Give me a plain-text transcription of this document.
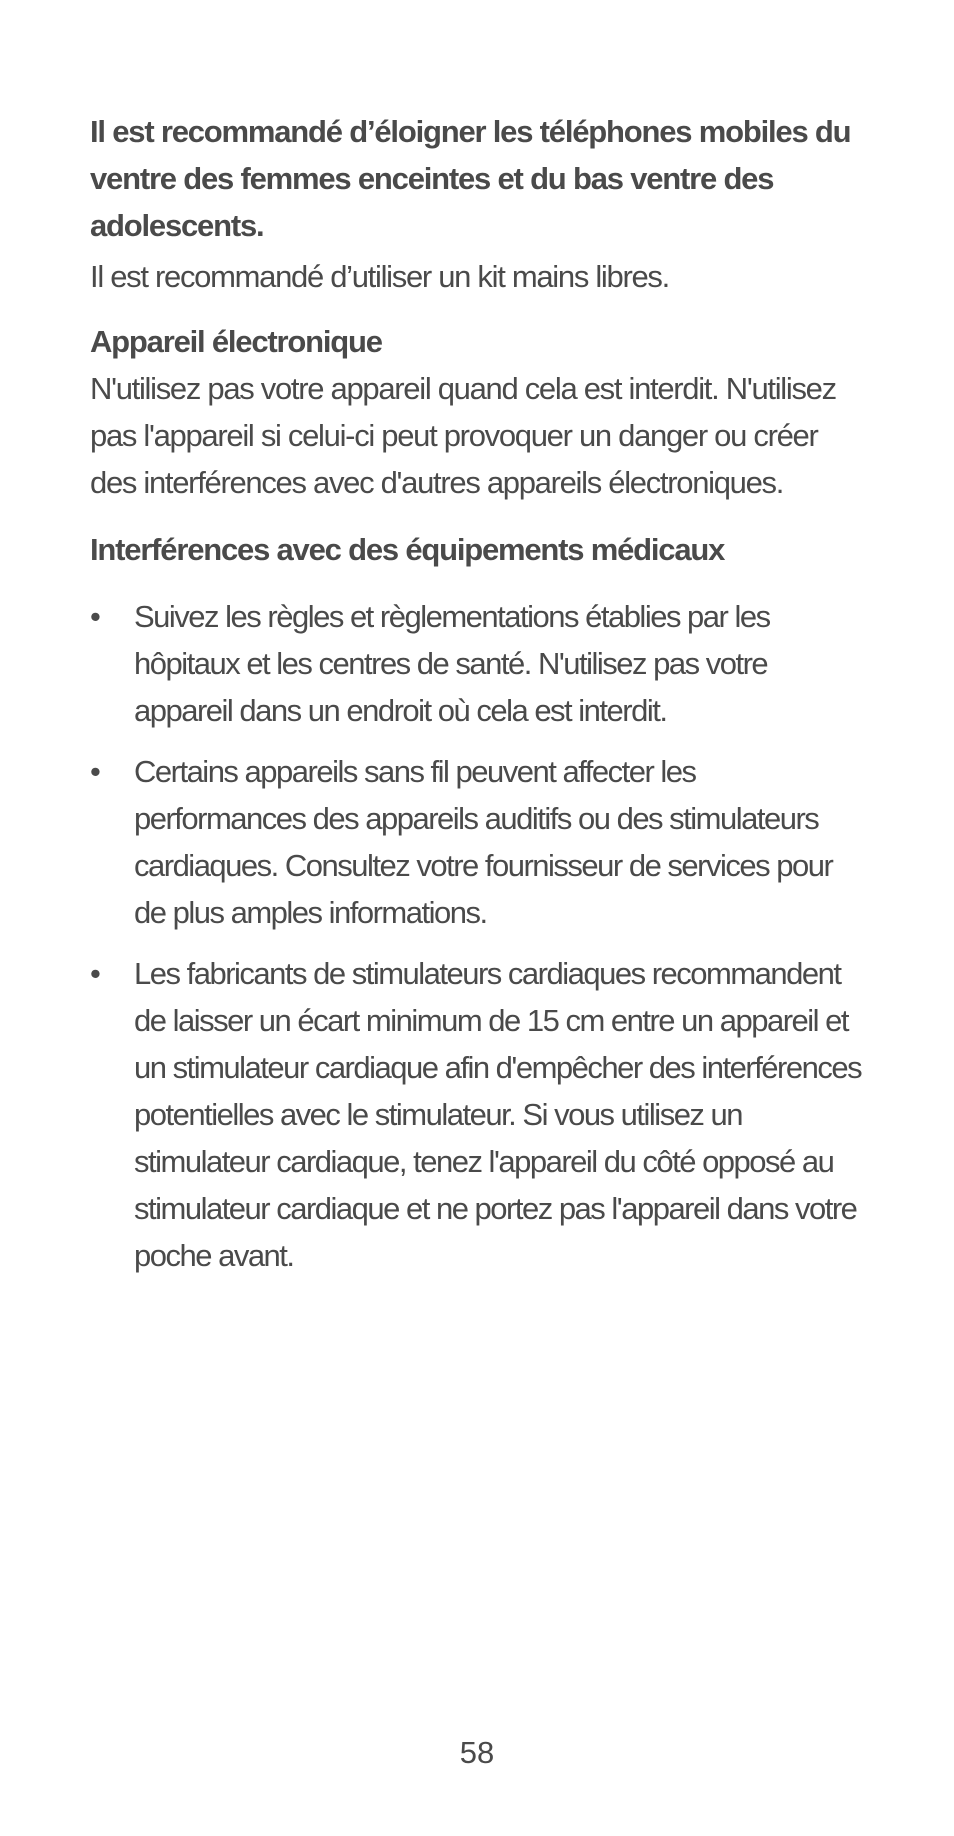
Il est recommandé d’éloigner les téléphones mobiles du ventre des femmes enceintes et du bas ventre des adolescents.

Il est recommandé d’utiliser un kit mains libres.

Appareil électronique

N'utilisez pas votre appareil quand cela est interdit. N'utilisez pas l'appareil si celui-ci peut provoquer un danger ou créer des interférences avec d'autres appareils électroniques.

Interférences avec des équipements médicaux
•	Suivez les règles et règlementations établies par les hôpitaux et les centres de santé. N'utilisez pas votre appareil dans un endroit où cela est interdit.
•	Certains appareils sans fil peuvent affecter les performances des appareils auditifs ou des stimulateurs cardiaques. Consultez votre fournisseur de services pour de plus amples informations.
•	Les fabricants de stimulateurs cardiaques recommandent de laisser un écart minimum de 15 cm entre un appareil et un stimulateur cardiaque afin d'empêcher des interférences potentielles avec le stimulateur. Si vous utilisez un stimulateur cardiaque, tenez l'appareil du côté opposé au stimulateur cardiaque et ne portez pas l'appareil dans votre poche avant.
58
